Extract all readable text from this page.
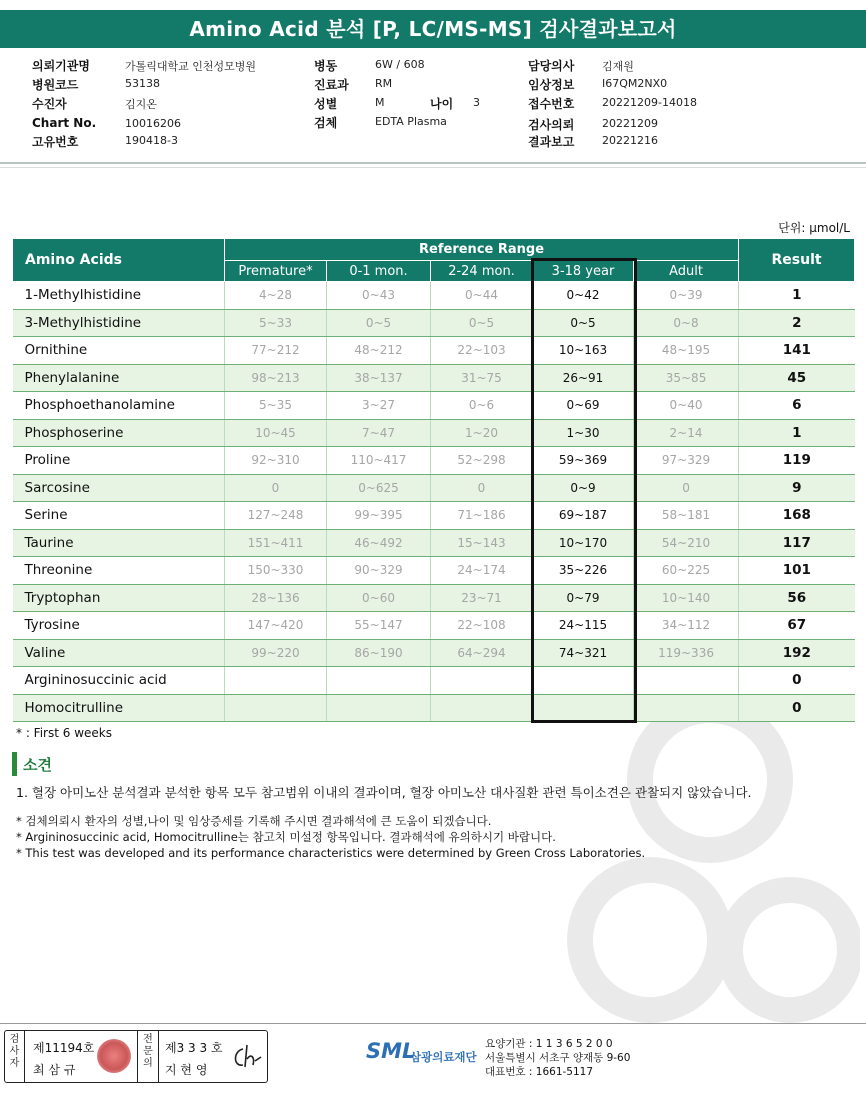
Amino Acid 분석 [P, LC/MS-MS] 검사결과보고서
의뢰기관명	가톨릭대학교 인천성모병원
병원코드	53138
수진자	김지온
Chart No.	10016206
고유번호	190418-3
병동	6W / 608
진료과 RM
성별	M	나이 3
검체	EDTA Plasma
담당의사	김재원
임상정보	I67QM2NX0
접수번호	20221209-14018
검사의뢰	20221209
결과보고	20221216
단위: μmol/L
Amino Acids	Reference Range					Result
	Premature*	0-1 mon.	2-24 mon.	3-18 year	Adult	
1-Methylhistidine	4~28	0~43	0~44	0~42	0~39	1
3-Methylhistidine	5~33	0~5	0~5	0~5	0~8	2
Ornithine	77~212	48~212	22~103	10~163	48~195	141
Phenylalanine	98~213	38~137	31~75	26~91	35~85	45
Phosphoethanolamine	5~35	3~27	0~6	0~69	0~40	6
Phosphoserine	10~45	7~47	1~20	1~30	2~14	1
Proline	92~310	110~417	52~298	59~369	97~329	119
Sarcosine	0	0~625	0	0~9	0	9
Serine	127~248	99~395	71~186	69~187	58~181	168
Taurine	151~411	46~492	15~143	10~170	54~210	117
Threonine	150~330	90~329	24~174	35~226	60~225	101
Tryptophan	28~136	0~60	23~71	0~79	10~140	56
Tyrosine	147~420	55~147	22~108	24~115	34~112	67
Valine	99~220	86~190	64~294	74~321	119~336	192
Argininosuccinic acid						0
Homocitrulline						0
* : First 6 weeks
소견
1. 혈장 아미노산 분석결과 분석한 항목 모두 참고범위 이내의 결과이며, 혈장 아미노산 대사질환 관련 특이소견은 관찰되지 않았습니다.
* 검체의뢰시 환자의 성별,나이 및 임상증세를 기록해 주시면 결과해석에 큰 도움이 되겠습니다.
* Argininosuccinic acid, Homocitrulline는 참고치 미설정 항목입니다. 결과해석에 유의하시기 바랍니다.
* This test was developed and its performance characteristics were determined by Green Cross Laboratories.
검사자
제11194호
최 삼 규
전문의
제3 3 3 호
지 현 영
SML
삼광의료재단
요양기관 : 1 1 3 6 5 2 0 0
서울특별시 서초구 양재동 9-60
대표번호 : 1661-5117
